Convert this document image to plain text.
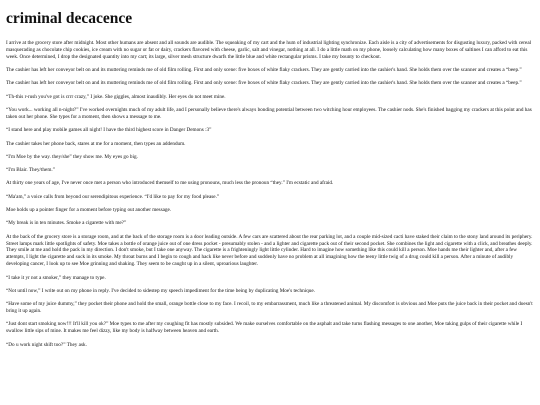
criminal decacence

I arrive at the grocery store after midnight. Most other humans are absent and all sounds are audible. The squeaking of my cart and the hum of industrial lighting synchronize. Each aisle is a city of advertisements for disgusting luxury, packed with cereal masquerading as chocolate chip cookies, ice cream with no sugar or fat or dairy, crackers flavored with cheese, garlic, salt and vinegar, nothing at all. I do a little math on my phone, loosely calculating how many boxes of saltines I can afford to eat this week. Once determined, I drop the designated quantity into my cart; its large, silver mesh structure dwarfs the little blue and white rectangular prisms. I take my bounty to checkout.

The cashier has left her conveyor belt on and its muttering reminds me of old film rolling. First and only scene: five boxes of white flaky crackers. They are gently carried into the cashier's hand. She holds them over the scanner and creates a “beep.”

The cashier has left her conveyor belt on and its muttering reminds me of old film rolling. First and only scene: five boxes of white flaky crackers. They are gently carried into the cashier's hand. She holds them over the scanner and creates a “beep.”

“Th-this r-rush you've got is crrr crazy,” I joke. She giggles, almost inaudibly. Her eyes do not meet mine.

“You work... working all n-night?” I've worked overnights much of my adult life, and I personally believe there's always bonding potential between two witching hour employees. The cashier nods. She's finished bagging my crackers at this point and has taken out her phone. She types for a moment, then shows a message to me.

“I stand here and play mobile games all night! I have the third highest score in Danger Demons :3”

The cashier takes her phone back, stares at me for a moment, then types an addendum.

“I'm Moe by the way. they/she” they show me. My eyes go big.

“I'm Blair. They/them.”

At thirty one years of age, I've never once met a person who introduced themself to me using pronouns, much less the pronoun “they.” I'm ecstatic and afraid.

“Ma'am,” a voice calls from beyond our serendipitous experience. “I'd like to pay for my food please.”

Moe holds up a pointer finger for a moment before typing out another message.

“My break is in ten minutes. Smoke a cigarette with me?”

At the back of the grocery store is a storage room, and at the back of the storage room is a door leading outside. A few cars are scattered about the rear parking lot, and a couple mid-sized cacti have staked their claim to the stony land around its periphery. Street lamps mark little spotlights of safety. Moe takes a bottle of orange juice out of one dress pocket - presumably stolen - and a lighter and cigarette pack out of their second pocket. She combines the light and cigarette with a click, and breathes deeply. They smile at me and hold the pack in my direction. I don't smoke, but I take one anyway. The cigarette is a frighteningly light little cylinder. Hard to imagine how something like this could kill a person. Moe hands me their lighter and, after a few attempts, I light the cigarette and suck in its smoke. My throat burns and I begin to cough and hack like never before and suddenly have no problem at all imagining how the teeny little twig of a drug could kill a person. After a minute of audibly developing cancer, I look up to see Moe grinning and shaking. They seem to be caught up in a silent, uproarious laughter.

“I take it yr not a smoker,” they manage to type.

“Not until now,” I write out on my phone in reply. I've decided to sidestep my speech impediment for the time being by duplicating Moe's technique.

“Have some of my juice dummy,” they pocket their phone and hold the small, orange bottle close to my face. I recoil, to my embarrassment, much like a threatened animal. My discomfort is obvious and Moe puts the juice back in their pocket and doesn't bring it up again.

“Just dont start smoking now!!! It'll kill you ok?” Moe types to me after my coughing fit has mostly subsided. We make ourselves comfortable on the asphalt and take turns flashing messages to one another, Moe taking gulps of their cigarette while I swallow little sips of mine. It makes me feel dizzy, like my body is halfway between heaven and earth.

“Do u work night shift too?” They ask.
